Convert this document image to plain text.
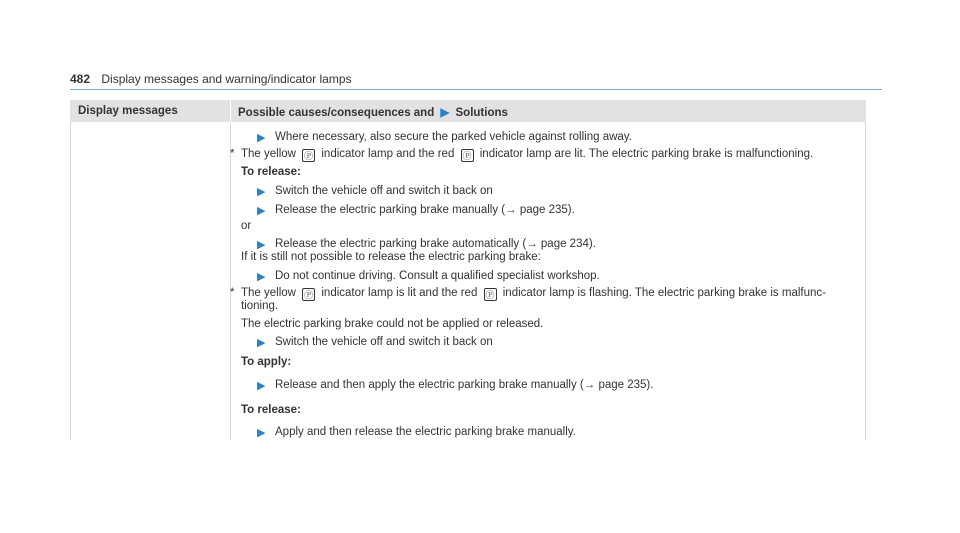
482 Display messages and warning/indicator lamps
Display messages	Possible causes/consequences and ▶ Solutions
▶ Where necessary, also secure the parked vehicle against rolling away.
* The yellow Ⓟ indicator lamp and the red Ⓟ indicator lamp are lit. The electric parking brake is malfunctioning.
To release:
▶ Switch the vehicle off and switch it back on
▶ Release the electric parking brake manually (→ page 235).
or
▶ Release the electric parking brake automatically (→ page 234).
If it is still not possible to release the electric parking brake:
▶ Do not continue driving. Consult a qualified specialist workshop.
* The yellow Ⓟ indicator lamp is lit and the red Ⓟ indicator lamp is flashing. The electric parking brake is malfunc-
tioning.
The electric parking brake could not be applied or released.
▶ Switch the vehicle off and switch it back on
To apply:
▶ Release and then apply the electric parking brake manually (→ page 235).
To release:
▶ Apply and then release the electric parking brake manually.
